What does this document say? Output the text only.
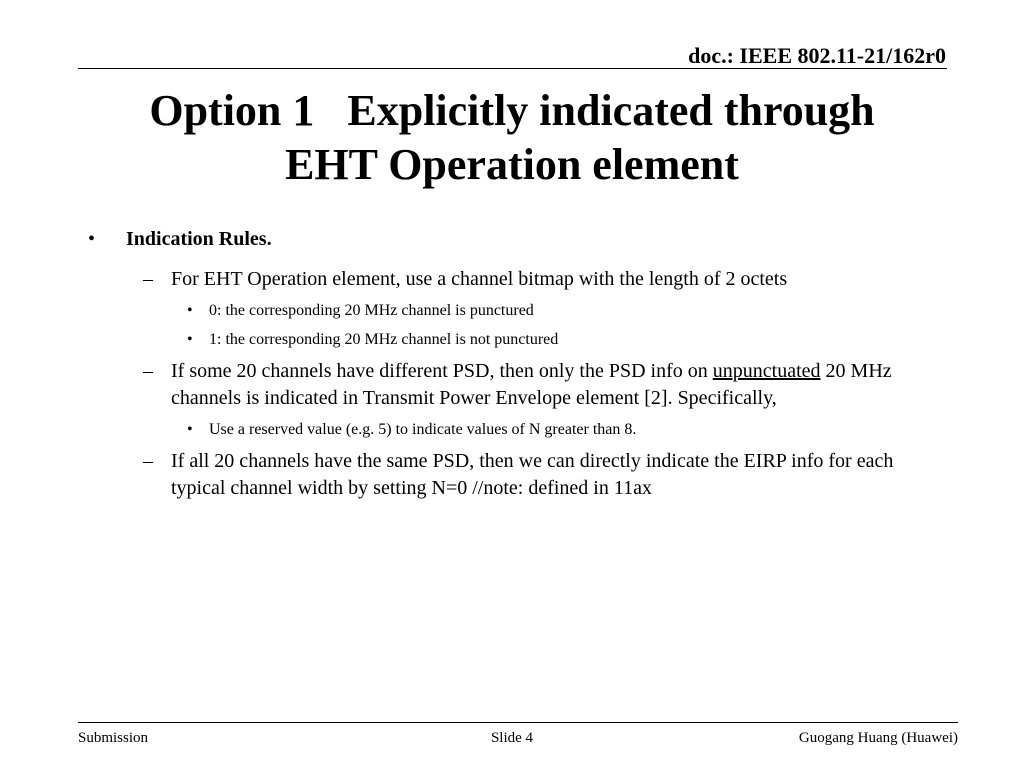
doc.: IEEE 802.11-21/162r0
Option 1   Explicitly indicated through
EHT Operation element
• Indication Rules.
– For EHT Operation element, use a channel bitmap with the length of 2 octets
• 0: the corresponding 20 MHz channel is punctured
• 1: the corresponding 20 MHz channel is not punctured
– If some 20 channels have different PSD, then only the PSD info on unpunctuated 20 MHz channels is indicated in Transmit Power Envelope element [2]. Specifically,
• Use a reserved value (e.g. 5) to indicate values of N greater than 8.
– If all 20 channels have the same PSD, then we can directly indicate the EIRP info for each typical channel width by setting N=0 //note: defined in 11ax
Submission	Slide 4	Guogang Huang (Huawei)
